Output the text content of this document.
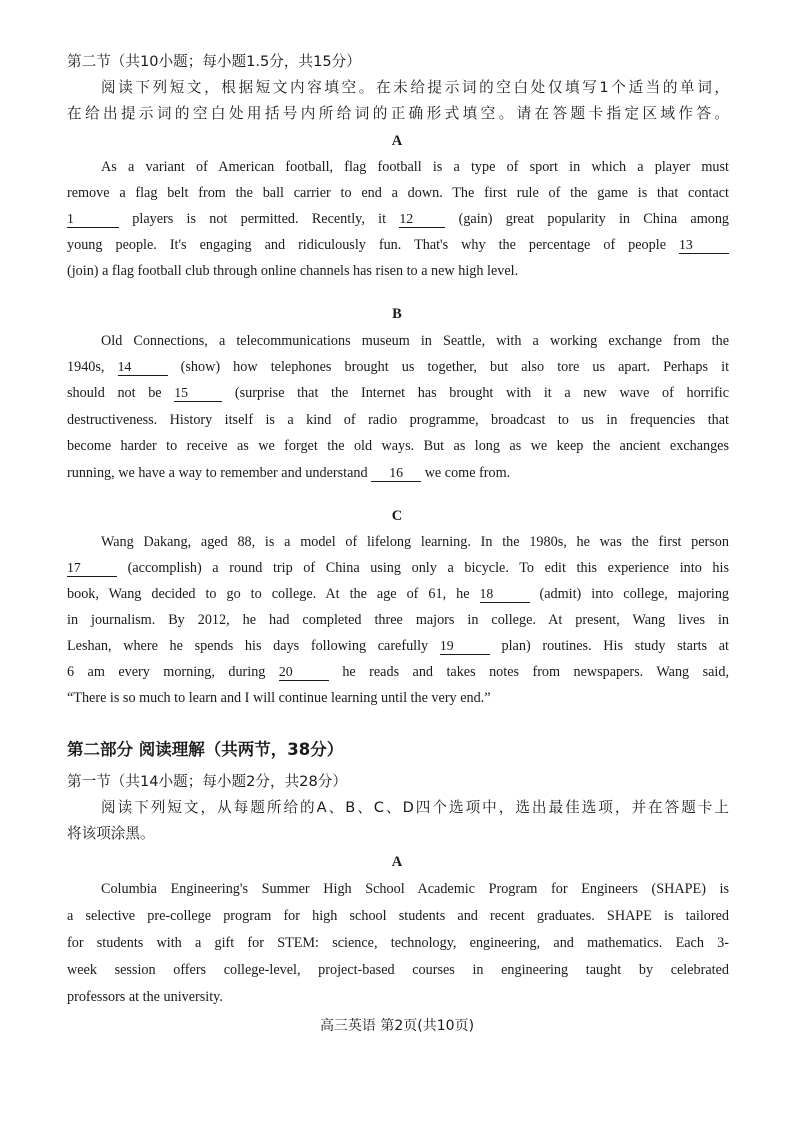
第二节（共10小题；每小题1.5分，共15分）
阅读下列短文，根据短文内容填空。在未给提示词的空白处仅填写1个适当的单词，
在给出提示词的空白处用括号内所给词的正确形式填空。请在答题卡指定区域作答。
A
As a variant of American football, flag football is a type of sport in which a player must
remove a flag belt from the ball carrier to end a down. The first rule of the game is that contact
1	players is not permitted. Recently, it 12	(gain) great popularity in China among
young people. It's engaging and ridiculously fun. That's why the percentage of people 13
(join) a flag football club through online channels has risen to a new high level.
B
Old Connections, a telecommunications museum in Seattle, with a working exchange from the
1940s, 14	(show) how telephones brought us together, but also tore us apart. Perhaps it
should not be 15	(surprise that the Internet has brought with it a new wave of horrific
destructiveness. History itself is a kind of radio programme, broadcast to us in frequencies that
become harder to receive as we forget the old ways. But as long as we keep the ancient exchanges
running, we have a way to remember and understand 16 we come from.
C
Wang Dakang, aged 88, is a model of lifelong learning. In the 1980s, he was the first person
17	(accomplish) a round trip of China using only a bicycle. To edit this experience into his
book, Wang decided to go to college. At the age of 61, he 18	(admit) into college, majoring
in journalism. By 2012, he had completed three majors in college. At present, Wang lives in
Leshan, where he spends his days following carefully 19	plan) routines. His study starts at
6 am every morning, during 20	he reads and takes notes from newspapers. Wang said,
“There is so much to learn and I will continue learning until the very end.”
第二部分 阅读理解（共两节，38分）
第一节（共14小题；每小题2分，共28分）
阅读下列短文，从每题所给的A、B、C、D四个选项中，选出最佳选项，并在答题卡上
将该项涂黑。
A
Columbia Engineering's Summer High School Academic Program for Engineers (SHAPE) is
a selective pre-college program for high school students and recent graduates. SHAPE is tailored
for students with a gift for STEM: science, technology, engineering, and mathematics. Each 3-
week session offers college-level, project-based courses in engineering taught by celebrated
professors at the university.
高三英语 第2页(共10页)
